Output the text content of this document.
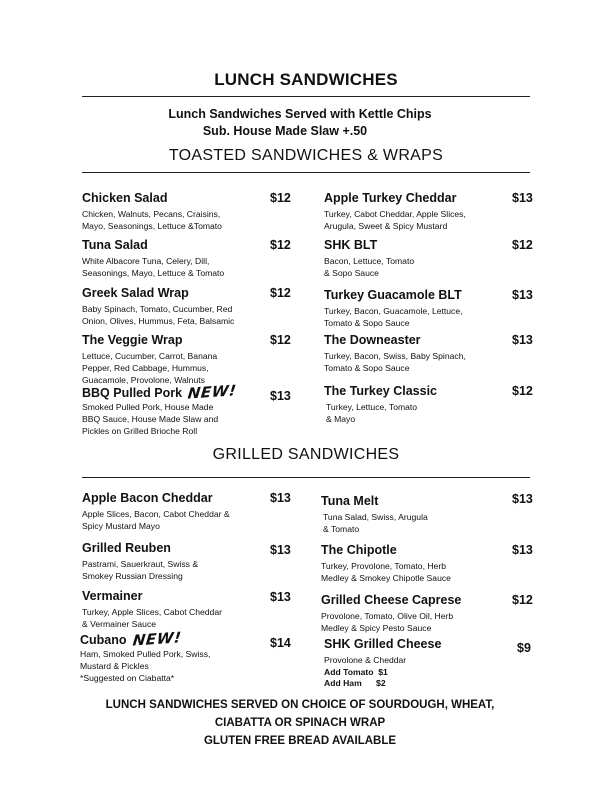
LUNCH SANDWICHES
Lunch Sandwiches Served with Kettle Chips
Sub. House Made Slaw +.50
TOASTED SANDWICHES & WRAPS
Chicken Salad
Chicken, Walnuts, Pecans, Craisins,
Mayo, Seasonings, Lettuce &Tomato
$12
Tuna Salad
White Albacore Tuna, Celery, Dill,
Seasonings, Mayo, Lettuce & Tomato
$12
Greek Salad Wrap
Baby Spinach, Tomato, Cucumber, Red
Onion, Olives, Hummus, Feta, Balsamic
$12
The Veggie Wrap
Lettuce, Cucumber, Carrot, Banana
Pepper, Red Cabbage, Hummus,
Guacamole, Provolone, Walnuts
$12
BBQ Pulled Pork NEW!
Smoked Pulled Pork, House Made
BBQ Sauce, House Made Slaw and
Pickles on Grilled Brioche Roll
$13
Apple Turkey Cheddar
Turkey, Cabot Cheddar, Apple Slices,
Arugula, Sweet & Spicy Mustard
$13
SHK BLT
Bacon, Lettuce, Tomato
& Sopo Sauce
$12
Turkey Guacamole BLT
Turkey, Bacon, Guacamole, Lettuce,
Tomato & Sopo Sauce
$13
The Downeaster
Turkey, Bacon, Swiss, Baby Spinach,
Tomato & Sopo Sauce
$13
The Turkey Classic
Turkey, Lettuce, Tomato
& Mayo
$12
GRILLED SANDWICHES
Apple Bacon Cheddar
Apple Slices, Bacon, Cabot Cheddar &
Spicy Mustard Mayo
$13
Grilled Reuben
Pastrami, Sauerkraut, Swiss &
Smokey Russian Dressing
$13
Vermainer
Turkey, Apple Slices, Cabot Cheddar
& Vermainer Sauce
$13
Cubano NEW!
Ham, Smoked Pulled Pork, Swiss,
Mustard & Pickles
*Suggested on Ciabatta*
$14
Tuna Melt
Tuna Salad, Swiss, Arugula
& Tomato
$13
The Chipotle
Turkey, Provolone, Tomato, Herb
Medley & Smokey Chipotle Sauce
$13
Grilled Cheese Caprese
Provolone, Tomato, Olive Oil, Herb
Medley & Spicy Pesto Sauce
$12
SHK Grilled Cheese
Provolone & Cheddar
Add Tomato  $1
Add Ham      $2
$9
LUNCH SANDWICHES SERVED ON CHOICE OF SOURDOUGH, WHEAT,
CIABATTA OR SPINACH WRAP
GLUTEN FREE BREAD AVAILABLE
